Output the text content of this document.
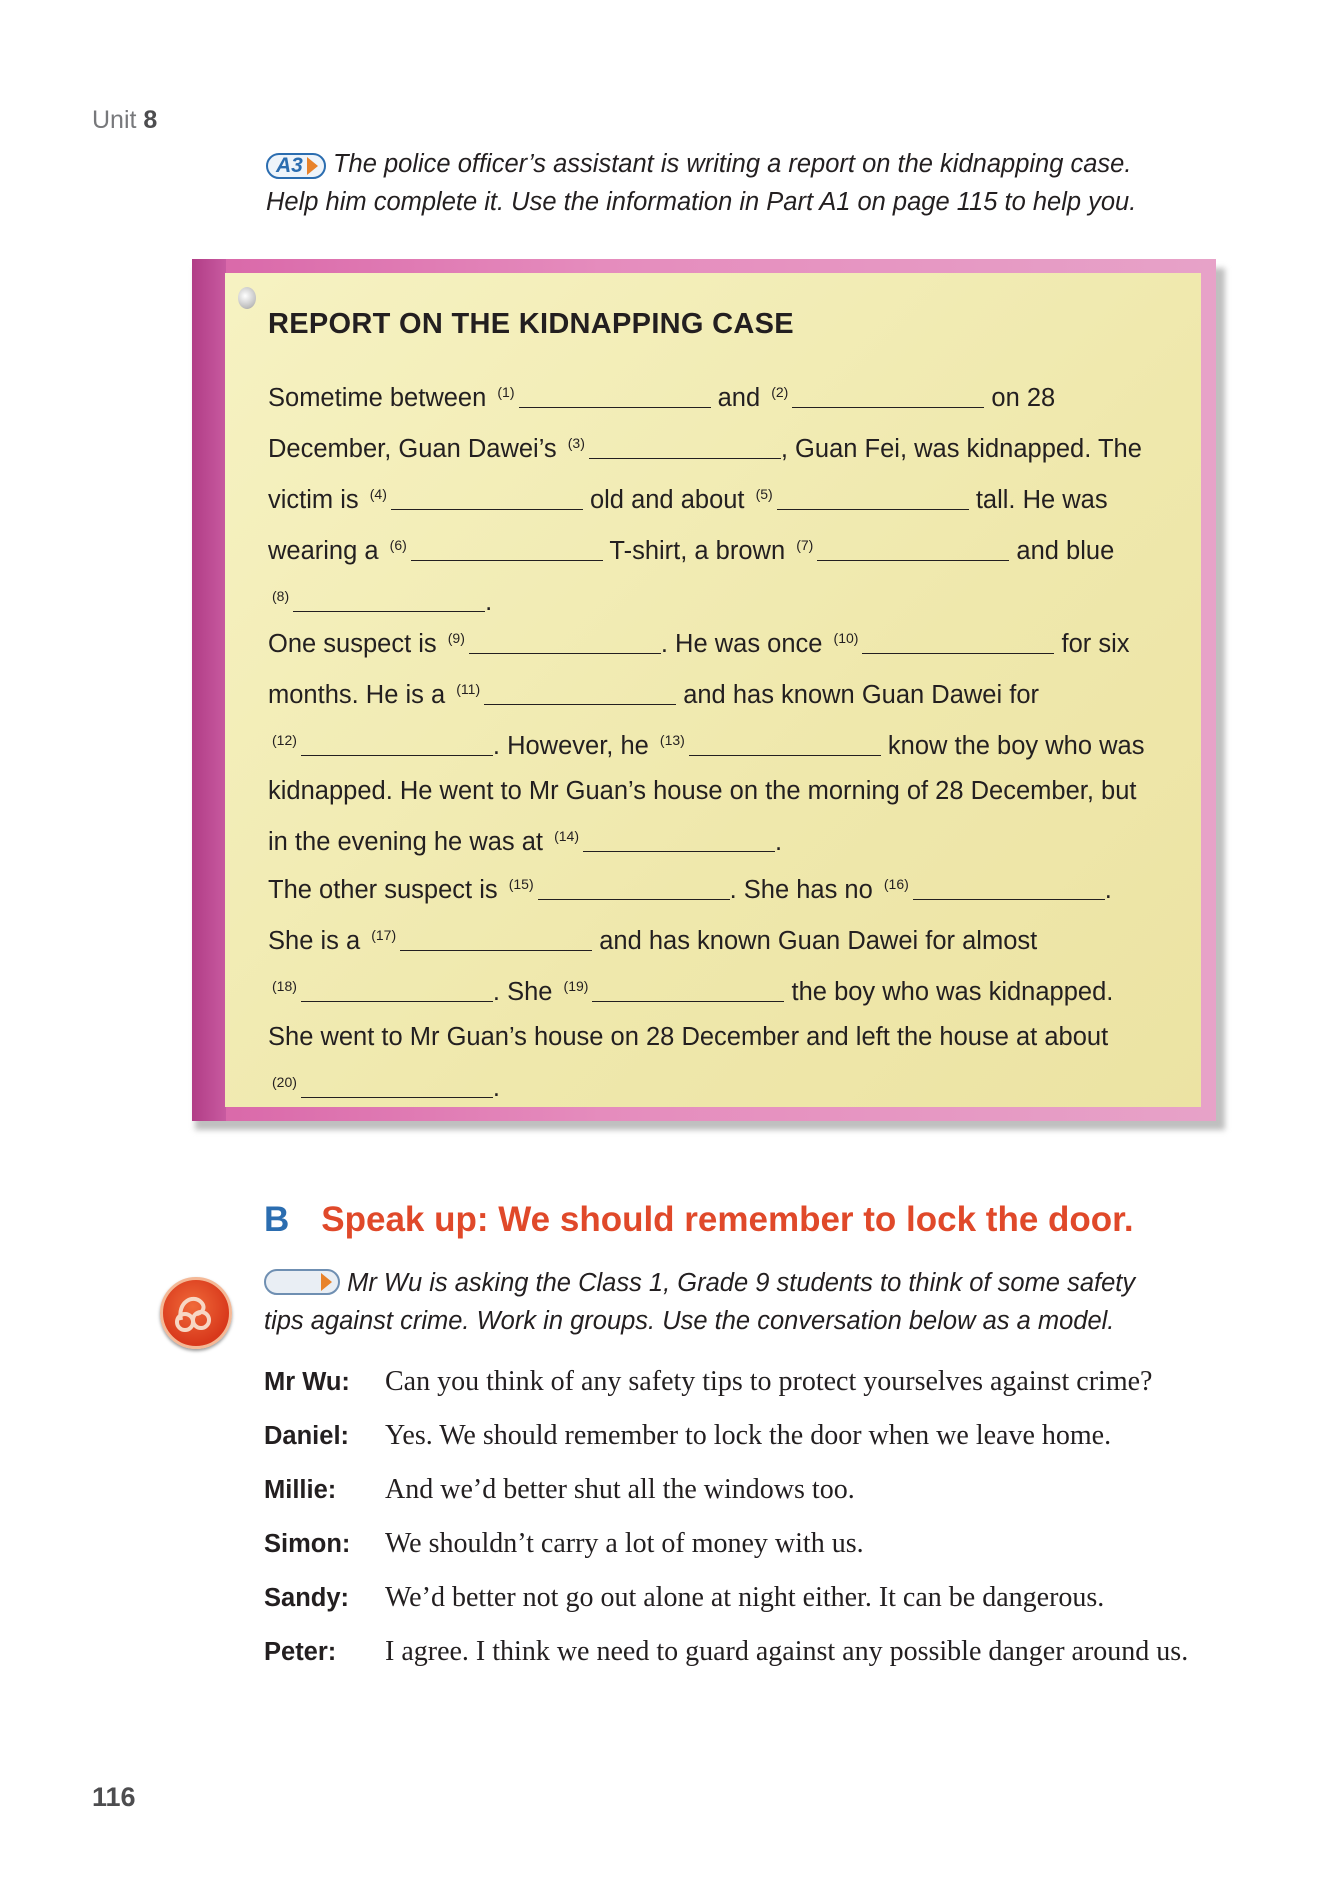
Unit 8
A3 The police officer’s assistant is writing a report on the kidnapping case.
Help him complete it. Use the information in Part A1 on page 115 to help you.
REPORT ON THE KIDNAPPING CASE

Sometime between $^{(1)}$	and $^{(2)}$	on 28
December, Guan Dawei’s $^{(3)}$	, Guan Fei, was kidnapped. The
victim is $^{(4)}$	old and about $^{(5)}$	tall. He was
wearing a $^{(6)}$	T-shirt, a brown $^{(7)}$	and blue
$^{(8)}$	.

One suspect is $^{(9)}$	. He was once $^{(10)}$	for six
months. He is a $^{(11)}$	and has known Guan Dawei for
$^{(12)}$	. However, he $^{(13)}$	know the boy who was
kidnapped. He went to Mr Guan’s house on the morning of 28 December, but
in the evening he was at $^{(14)}$	.

The other suspect is $^{(15)}$	. She has no $^{(16)}$	.
She is a $^{(17)}$	and has known Guan Dawei for almost
$^{(18)}$	. She $^{(19)}$	the boy who was kidnapped.
She went to Mr Guan’s house on 28 December and left the house at about
$^{(20)}$	.

B Speak up: We should remember to lock the door.
Mr Wu is asking the Class 1, Grade 9 students to think of some safety
tips against crime. Work in groups. Use the conversation below as a model.
Mr Wu:	Can you think of any safety tips to protect yourselves against crime?
Daniel:	Yes. We should remember to lock the door when we leave home.
Millie:	And we’d better shut all the windows too.
Simon:	We shouldn’t carry a lot of money with us.
Sandy:	We’d better not go out alone at night either. It can be dangerous.
Peter:	I agree. I think we need to guard against any possible danger around us.
116
